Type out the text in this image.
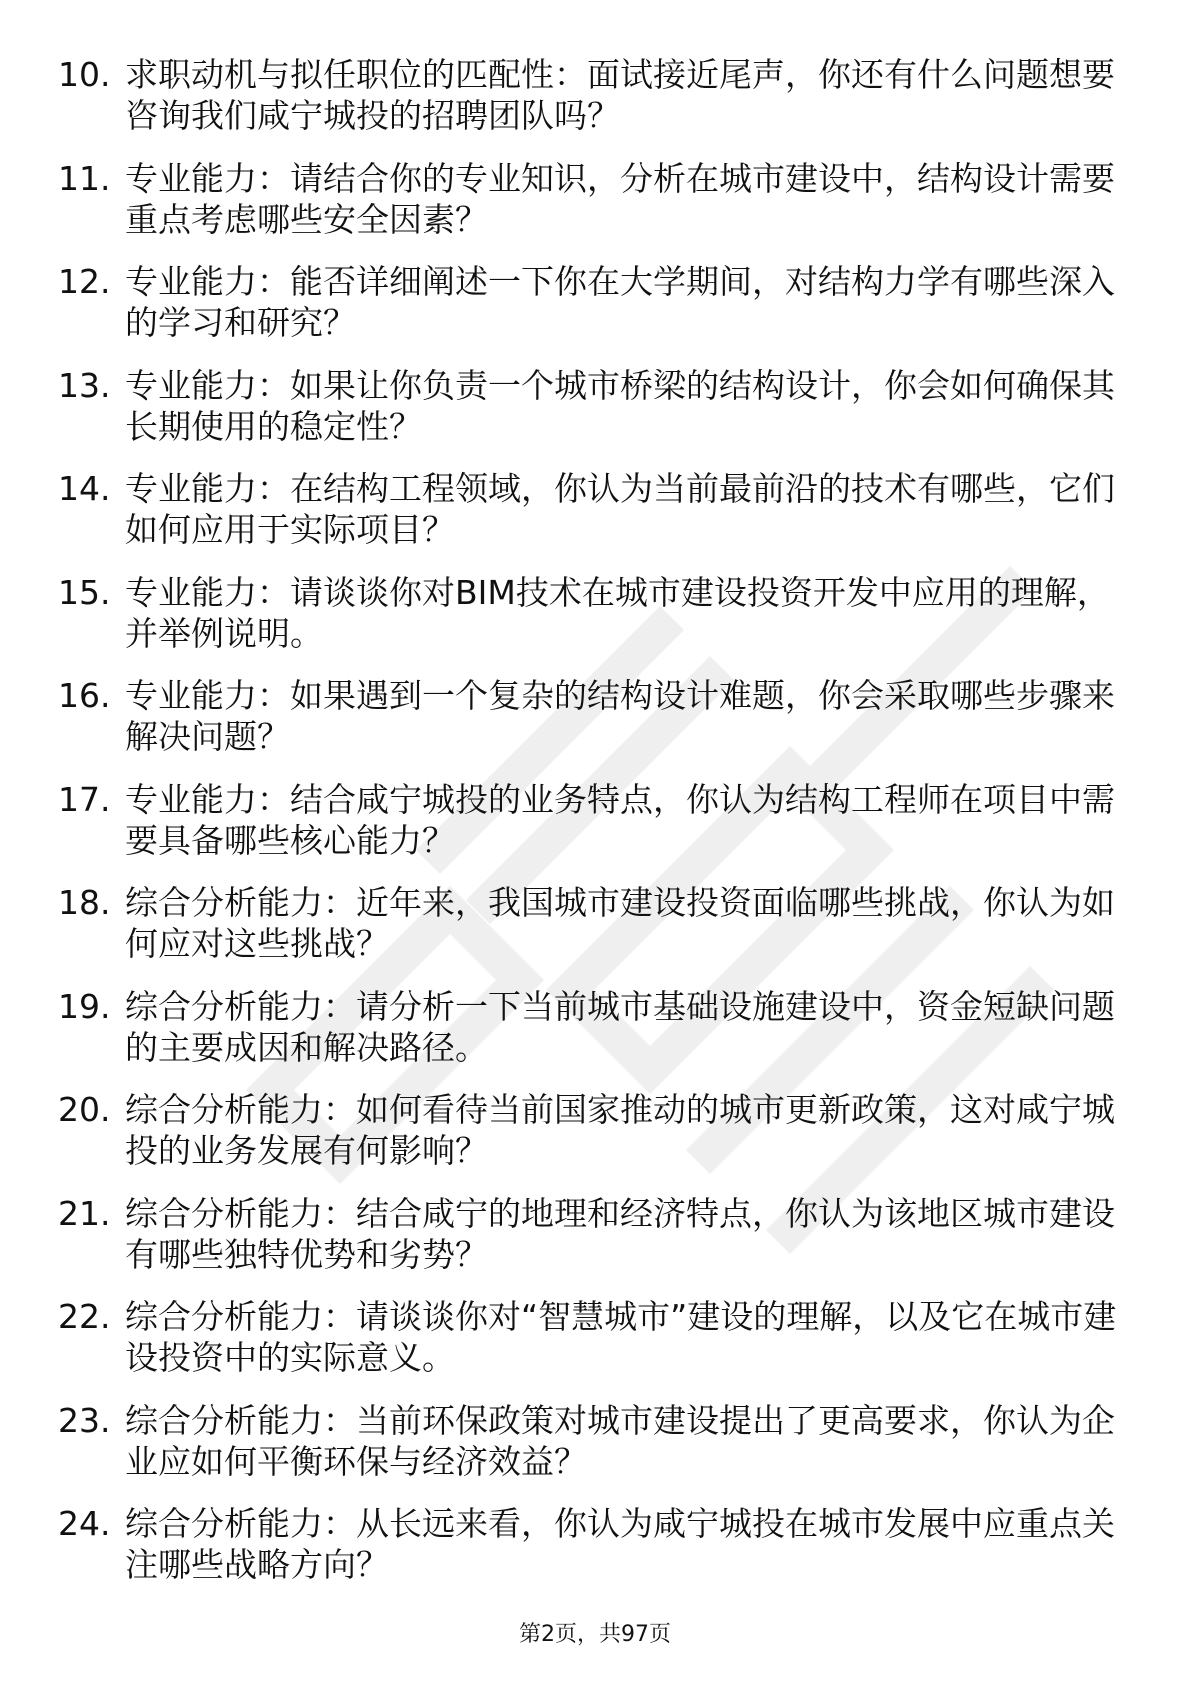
10. 求职动机与拟任职位的匹配性：面试接近尾声，你还有什么问题想要咨询我们咸宁城投的招聘团队吗？
11. 专业能力：请结合你的专业知识，分析在城市建设中，结构设计需要重点考虑哪些安全因素？
12. 专业能力：能否详细阐述一下你在大学期间，对结构力学有哪些深入的学习和研究？
13. 专业能力：如果让你负责一个城市桥梁的结构设计，你会如何确保其长期使用的稳定性？
14. 专业能力：在结构工程领域，你认为当前最前沿的技术有哪些，它们如何应用于实际项目？
15. 专业能力：请谈谈你对BIM技术在城市建设投资开发中应用的理解，并举例说明。
16. 专业能力：如果遇到一个复杂的结构设计难题，你会采取哪些步骤来解决问题？
17. 专业能力：结合咸宁城投的业务特点，你认为结构工程师在项目中需要具备哪些核心能力？
18. 综合分析能力：近年来，我国城市建设投资面临哪些挑战，你认为如何应对这些挑战？
19. 综合分析能力：请分析一下当前城市基础设施建设中，资金短缺问题的主要成因和解决路径。
20. 综合分析能力：如何看待当前国家推动的城市更新政策，这对咸宁城投的业务发展有何影响？
21. 综合分析能力：结合咸宁的地理和经济特点，你认为该地区城市建设有哪些独特优势和劣势？
22. 综合分析能力：请谈谈你对“智慧城市”建设的理解，以及它在城市建设投资中的实际意义。
23. 综合分析能力：当前环保政策对城市建设提出了更高要求，你认为企业应如何平衡环保与经济效益？
24. 综合分析能力：从长远来看，你认为咸宁城投在城市发展中应重点关注哪些战略方向？
第2页，共97页
